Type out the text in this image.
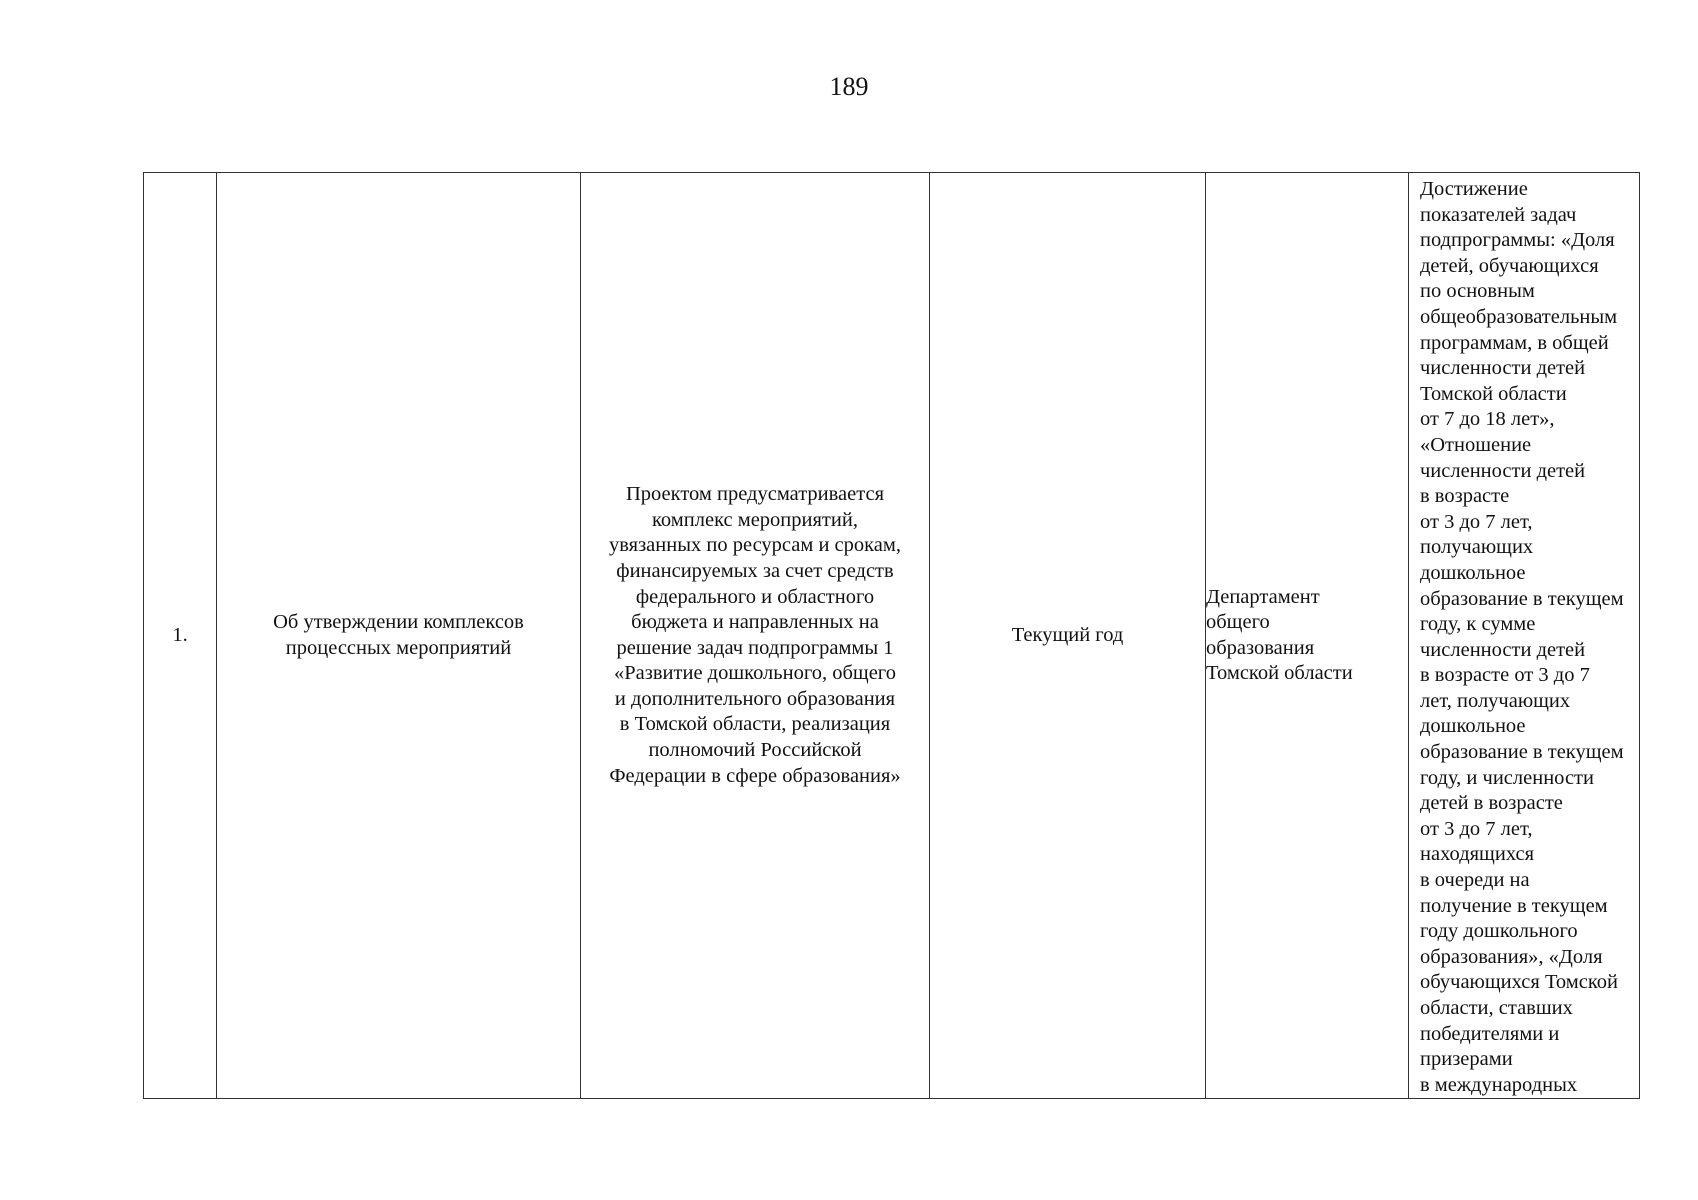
189
1.	Об утверждении комплексов
процессных мероприятий	Проектом предусматривается
комплекс мероприятий,
увязанных по ресурсам и срокам,
финансируемых за счет средств
федерального и областного
бюджета и направленных на
решение задач подпрограммы 1
«Развитие дошкольного, общего
и дополнительного образования
в Томской области, реализация
полномочий Российской
Федерации в сфере образования»	Текущий год	Департамент
общего
образования
Томской области	Достижение
показателей задач
подпрограммы: «Доля
детей, обучающихся
по основным
общеобразовательным
программам, в общей
численности детей
Томской области
от 7 до 18 лет»,
«Отношение
численности детей
в возрасте
от 3 до 7 лет,
получающих
дошкольное
образование в текущем
году, к сумме
численности детей
в возрасте от 3 до 7
лет, получающих
дошкольное
образование в текущем
году, и численности
детей в возрасте
от 3 до 7 лет,
находящихся
в очереди на
получение в текущем
году дошкольного
образования», «Доля
обучающихся Томской
области, ставших
победителями и
призерами
в международных
